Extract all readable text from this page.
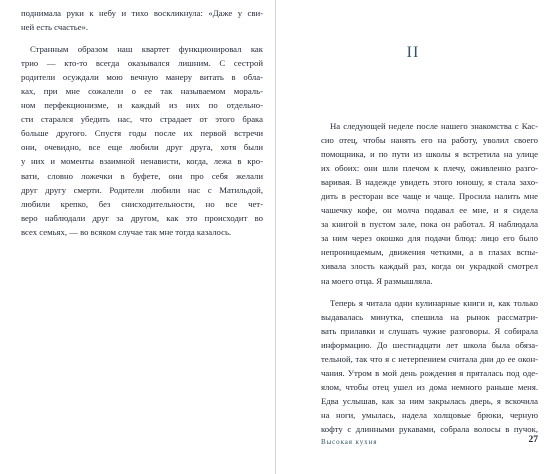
поднимала руки к небу и тихо воскликнула: «Даже у сви-
ней есть счастье».
Странным образом наш квартет функционировал как
трио — кто-то всегда оказывался лишним. С сестрой
родители осуждали мою вечную манеру витать в обла-
ках, при мне сожалели о ее так называемом мораль-
ном перфекционизме, и каждый из них по отдельно-
сти старался убедить нас, что страдает от этого брака
больше другого. Спустя годы после их первой встречи
они, очевидно, все еще любили друг друга, хотя были
у них и моменты взаимной ненависти, когда, лежа в кро-
вати, словно ложечки в буфете, они про себя желали
друг другу смерти. Родители любили нас с Матильдой,
любили крепко, без снисходительности, но все чет-
веро наблюдали друг за другом, как это происходит во
всех семьях, — во всяком случае так мне тогда казалось.
II
На следующей неделе после нашего знакомства с Кас-
сио отец, чтобы нанять его на работу, уволил своего
помощника, и по пути из школы я встретила на улице
их обоих: они шли плечом к плечу, оживленно разго-
варивая. В надежде увидеть этого юношу, я стала захо-
дить в ресторан все чаще и чаще. Просила налить мне
чашечку кофе, он молча подавал ее мне, и я сидела
за книгой в пустом зале, пока он работал. Я наблюдала
за ним через окошко для подачи блюд: лицо его было
непроницаемым, движения четкими, а в глазах вспы-
хивала злость каждый раз, когда он украдкой смотрел
на моего отца. Я размышляла.
Теперь я читала одни кулинарные книги и, как только
выдавалась минутка, спешила на рынок рассматри-
вать прилавки и слушать чужие разговоры. Я собирала
информацию. До шестнадцати лет школа была обяза-
тельной, так что я с нетерпением считала дни до ее окон-
чания. Утром в мой день рождения я пряталась под оде-
ялом, чтобы отец ушел из дома немного раньше меня.
Едва услышав, как за ним закрылась дверь, я вскочила
на ноги, умылась, надела холщовые брюки, черную
кофту с длинными рукавами, собрала волосы в пучок,
Высокая кухня	27
